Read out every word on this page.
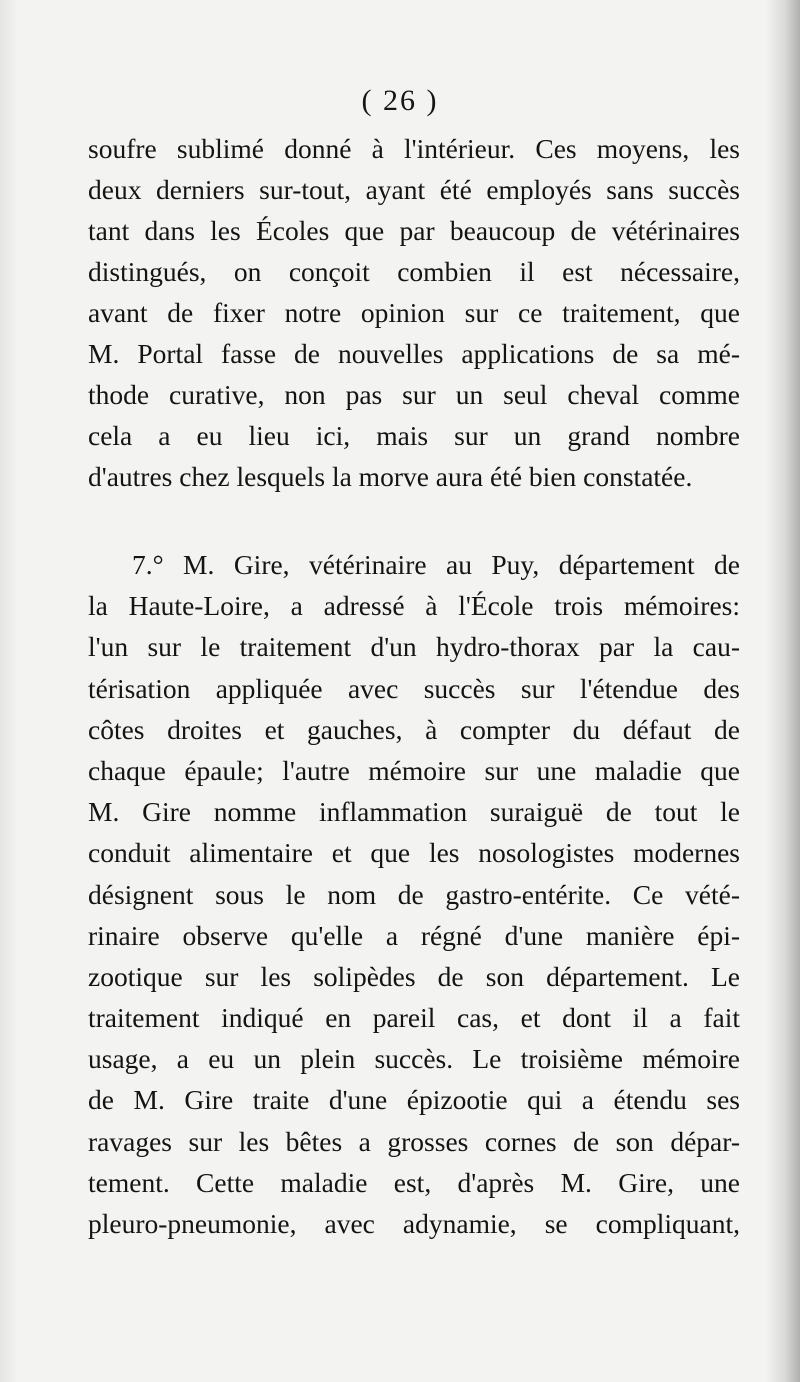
( 26 )
soufre sublimé donné à l'intérieur. Ces moyens, les
deux derniers sur-tout, ayant été employés sans succès
tant dans les Écoles que par beaucoup de vétérinaires
distingués, on conçoit combien il est nécessaire,
avant de fixer notre opinion sur ce traitement, que
M. Portal fasse de nouvelles applications de sa mé-
thode curative, non pas sur un seul cheval comme
cela a eu lieu ici, mais sur un grand nombre
d'autres chez lesquels la morve aura été bien constatée.
7.° M. Gire, vétérinaire au Puy, département de
la Haute-Loire, a adressé à l'École trois mémoires:
l'un sur le traitement d'un hydro-thorax par la cau-
térisation appliquée avec succès sur l'étendue des
côtes droites et gauches, à compter du défaut de
chaque épaule; l'autre mémoire sur une maladie que
M. Gire nomme inflammation suraiguë de tout le
conduit alimentaire et que les nosologistes modernes
désignent sous le nom de gastro-entérite. Ce vété-
rinaire observe qu'elle a régné d'une manière épi-
zootique sur les solipèdes de son département. Le
traitement indiqué en pareil cas, et dont il a fait
usage, a eu un plein succès. Le troisième mémoire
de M. Gire traite d'une épizootie qui a étendu ses
ravages sur les bêtes a grosses cornes de son dépar-
tement. Cette maladie est, d'après M. Gire, une
pleuro-pneumonie, avec adynamie, se compliquant,
